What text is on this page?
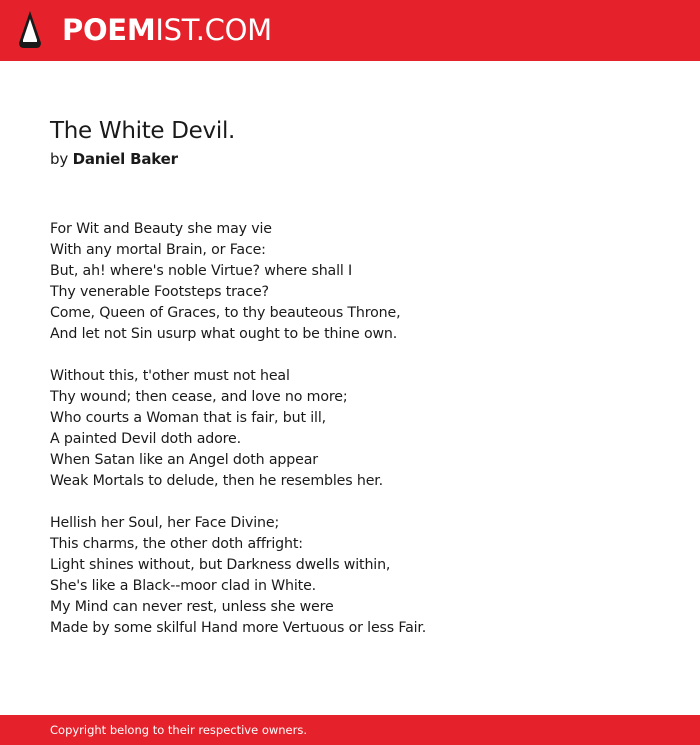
POEMIST.COM
The White Devil.
by Daniel Baker
For Wit and Beauty she may vie
With any mortal Brain, or Face:
But, ah! where's noble Virtue? where shall I
Thy venerable Footsteps trace?
Come, Queen of Graces, to thy beauteous Throne,
And let not Sin usurp what ought to be thine own.
Without this, t'other must not heal
Thy wound; then cease, and love no more;
Who courts a Woman that is fair, but ill,
A painted Devil doth adore.
When Satan like an Angel doth appear
Weak Mortals to delude, then he resembles her.
Hellish her Soul, her Face Divine;
This charms, the other doth affright:
Light shines without, but Darkness dwells within,
She's like a Black--moor clad in White.
My Mind can never rest, unless she were
Made by some skilful Hand more Vertuous or less Fair.
Copyright belong to their respective owners.
